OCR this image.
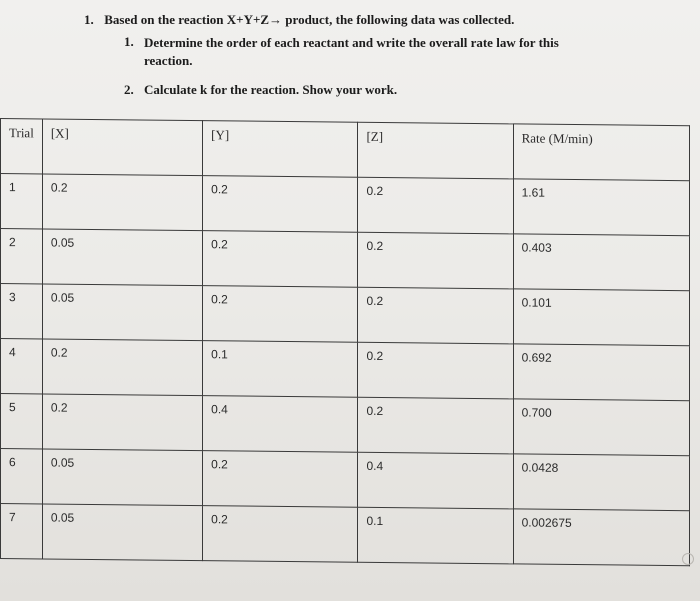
1. Based on the reaction X+Y+Z→ product, the following data was collected.
1. Determine the order of each reactant and write the overall rate law for this reaction.
2. Calculate k for the reaction. Show your work.
Trial	[X]	[Y]	[Z]	Rate (M/min)
1	0.2	0.2	0.2	1.61
2	0.05	0.2	0.2	0.403
3	0.05	0.2	0.2	0.101
4	0.2	0.1	0.2	0.692
5	0.2	0.4	0.2	0.700
6	0.05	0.2	0.4	0.0428
7	0.05	0.2	0.1	0.002675
